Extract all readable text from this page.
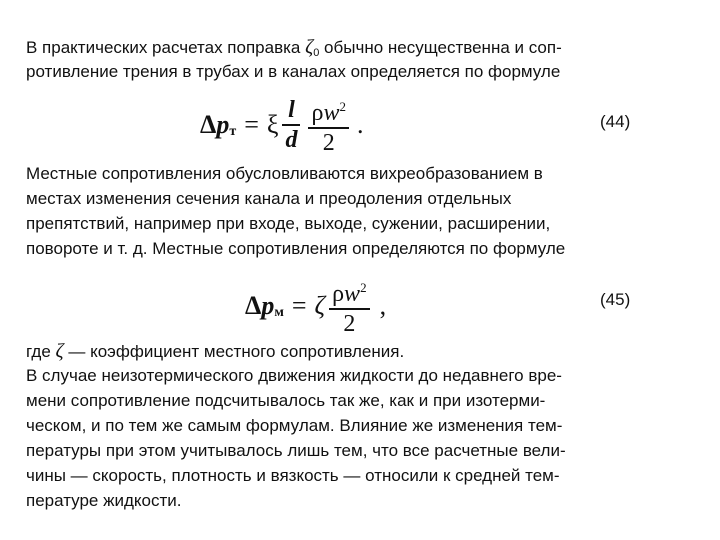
В практических расчетах поправка $\zeta_0$ обычно несущественна и соп-
ротивление трения в трубах и в каналах определяется по формуле
Δ p т = ξ $\frac{l}{d} \frac{\rho w^2}{2}$ .	(44)
Местные сопротивления обусловливаются вихреобразованием в
местах изменения сечения канала и преодоления отдельных
препятствий, например при входе, выходе, сужении, расширении,
повороте и т. д. Местные сопротивления определяются по формуле
Δ p м = ζ $\frac{\rho w^2}{2}$ ,	(45)
где ζ — коэффициент местного сопротивления.
В случае неизотермического движения жидкости до недавнего вре-
мени сопротивление подсчитывалось так же, как и при изотерми-
ческом, и по тем же самым формулам. Влияние же изменения тем-
пературы при этом учитывалось лишь тем, что все расчетные вели-
чины — скорость, плотность и вязкость — относили к средней тем-
пературе жидкости.
